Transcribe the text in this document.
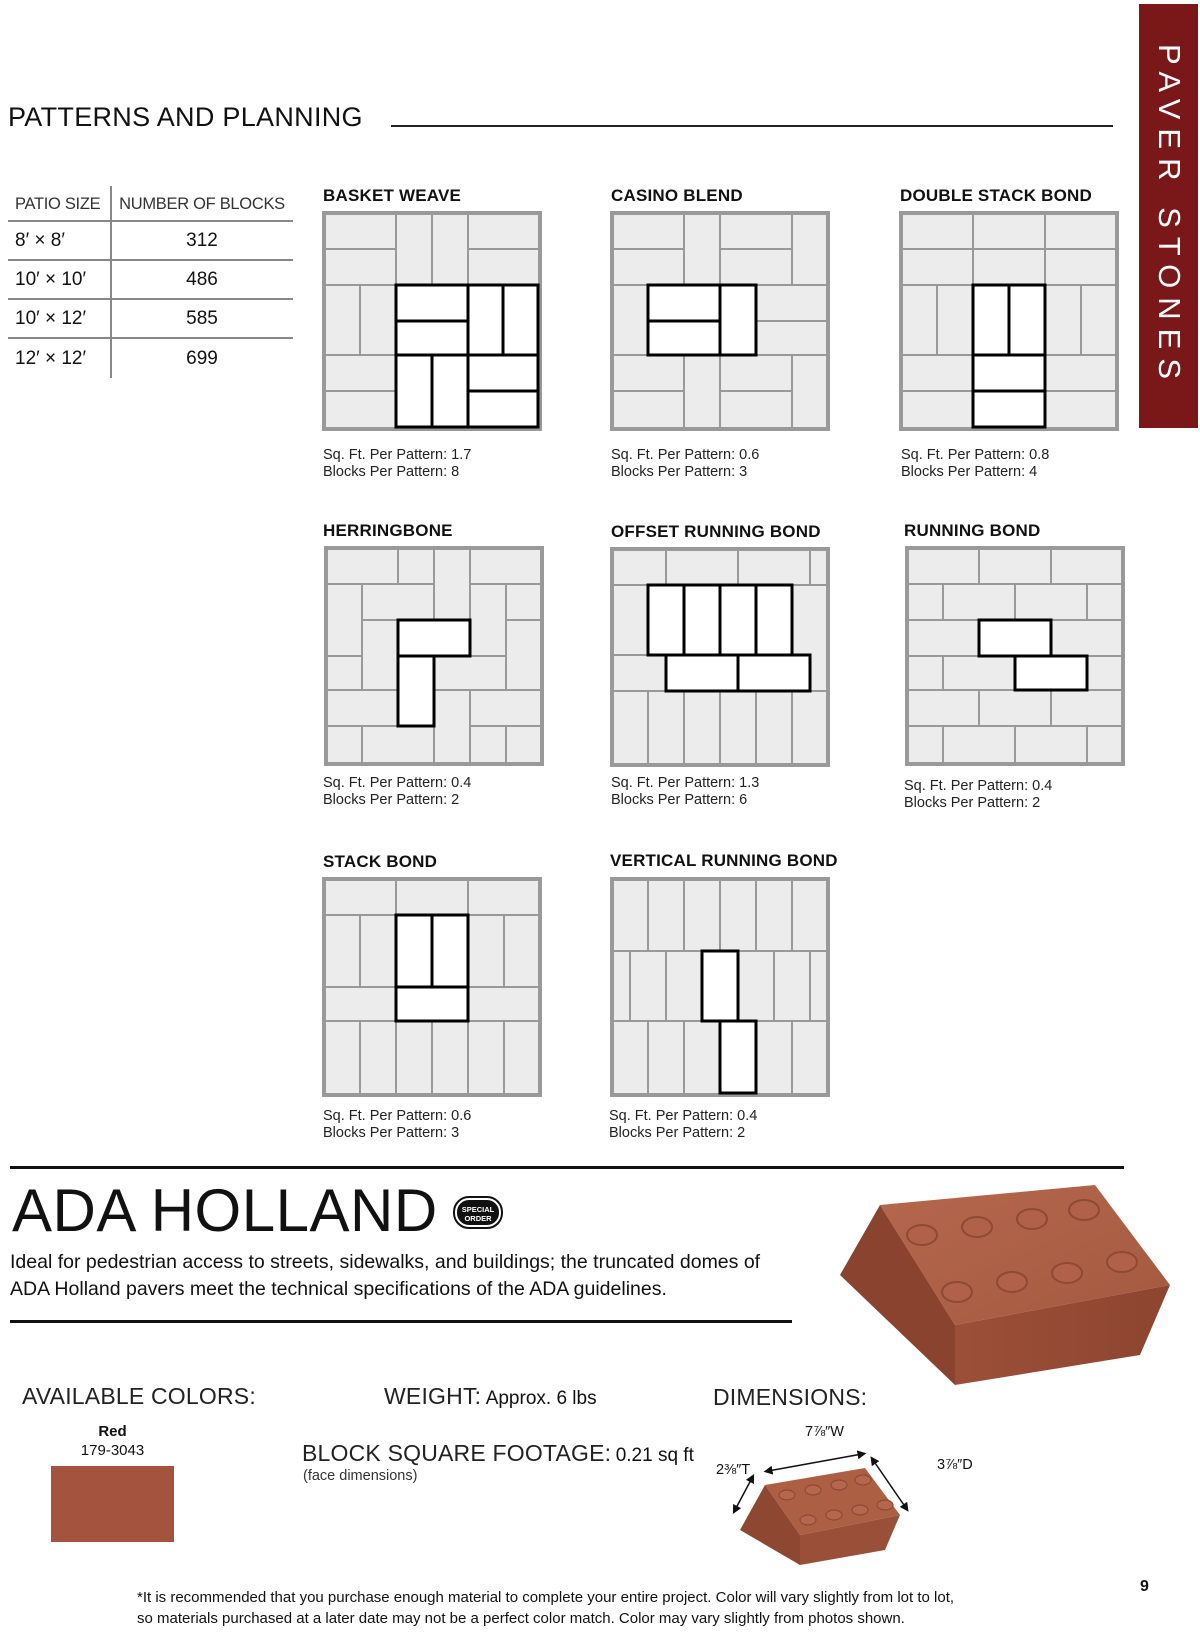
PATTERNS AND PLANNING	PAVER STONES
PATIO SIZE	NUMBER OF BLOCKS
8′ × 8′	312
10′ × 10′	486
10′ × 12′	585
12′ × 12′	699
BASKET WEAVE
Sq. Ft. Per Pattern: 1.7
Blocks Per Pattern: 8
CASINO BLEND
Sq. Ft. Per Pattern: 0.6
Blocks Per Pattern: 3
DOUBLE STACK BOND
Sq. Ft. Per Pattern: 0.8
Blocks Per Pattern: 4
HERRINGBONE
Sq. Ft. Per Pattern: 0.4
Blocks Per Pattern: 2
OFFSET RUNNING BOND
Sq. Ft. Per Pattern: 1.3
Blocks Per Pattern: 6
RUNNING BOND
Sq. Ft. Per Pattern: 0.4
Blocks Per Pattern: 2
STACK BOND
Sq. Ft. Per Pattern: 0.6
Blocks Per Pattern: 3
VERTICAL RUNNING BOND
Sq. Ft. Per Pattern: 0.4
Blocks Per Pattern: 2
ADA HOLLAND	SPECIAL
ORDER
Ideal for pedestrian access to streets, sidewalks, and buildings; the truncated domes of ADA Holland pavers meet the technical specifications of the ADA guidelines.
AVAILABLE COLORS:
Red
179-3043
WEIGHT: Approx. 6 lbs
BLOCK SQUARE FOOTAGE: 0.21 sq ft
(face dimensions)
DIMENSIONS:
7⅞″W
2⅜″T	3⅞″D
*It is recommended that you purchase enough material to complete your entire project. Color will vary slightly from lot to lot,
so materials purchased at a later date may not be a perfect color match. Color may vary slightly from photos shown.
9
